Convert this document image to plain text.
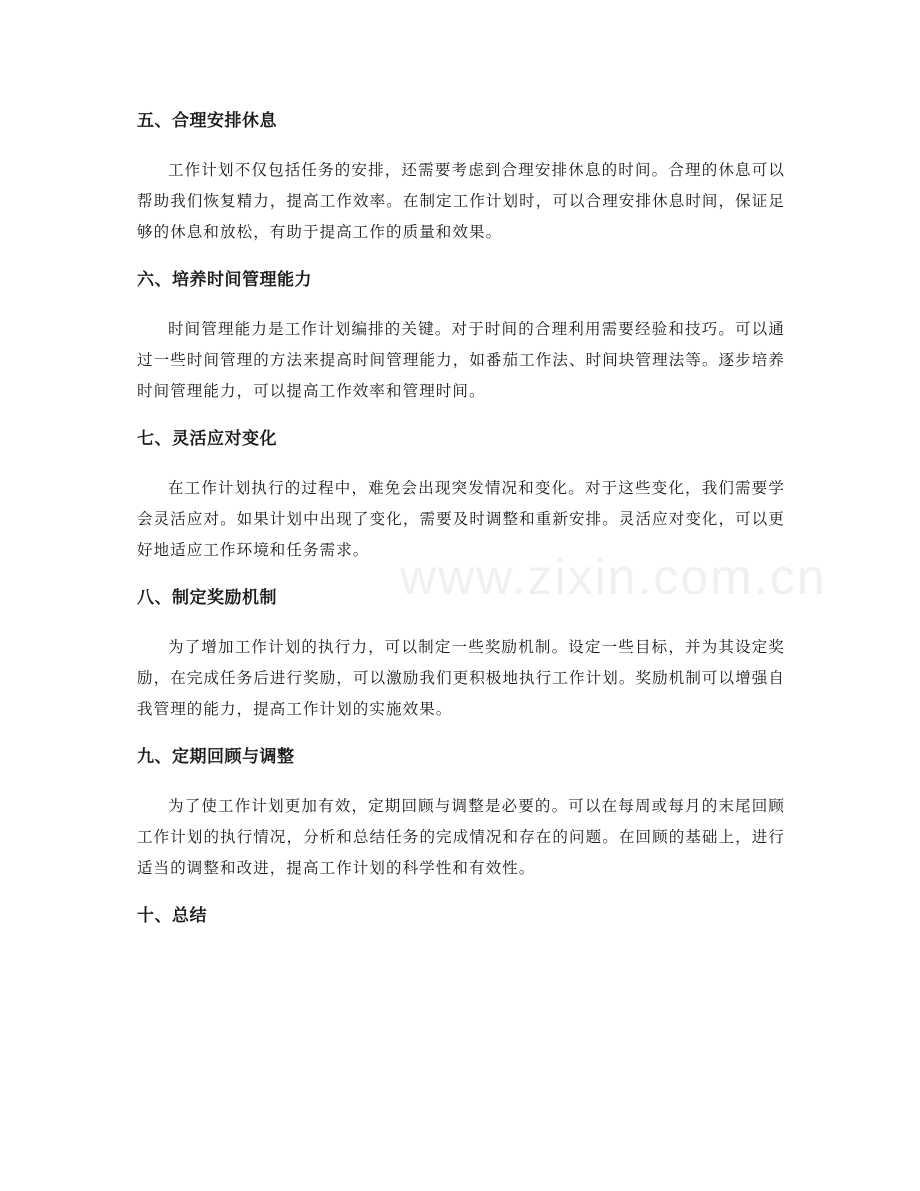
五、合理安排休息

工作计划不仅包括任务的安排，还需要考虑到合理安排休息的时间。合理的休息可以帮助我们恢复精力，提高工作效率。在制定工作计划时，可以合理安排休息时间，保证足够的休息和放松，有助于提高工作的质量和效果。

六、培养时间管理能力

时间管理能力是工作计划编排的关键。对于时间的合理利用需要经验和技巧。可以通过一些时间管理的方法来提高时间管理能力，如番茄工作法、时间块管理法等。逐步培养时间管理能力，可以提高工作效率和管理时间。

七、灵活应对变化

在工作计划执行的过程中，难免会出现突发情况和变化。对于这些变化，我们需要学会灵活应对。如果计划中出现了变化，需要及时调整和重新安排。灵活应对变化，可以更好地适应工作环境和任务需求。

八、制定奖励机制

为了增加工作计划的执行力，可以制定一些奖励机制。设定一些目标，并为其设定奖励，在完成任务后进行奖励，可以激励我们更积极地执行工作计划。奖励机制可以增强自我管理的能力，提高工作计划的实施效果。

九、定期回顾与调整

为了使工作计划更加有效，定期回顾与调整是必要的。可以在每周或每月的末尾回顾工作计划的执行情况，分析和总结任务的完成情况和存在的问题。在回顾的基础上，进行适当的调整和改进，提高工作计划的科学性和有效性。

十、总结
www.zixin.com.cn
